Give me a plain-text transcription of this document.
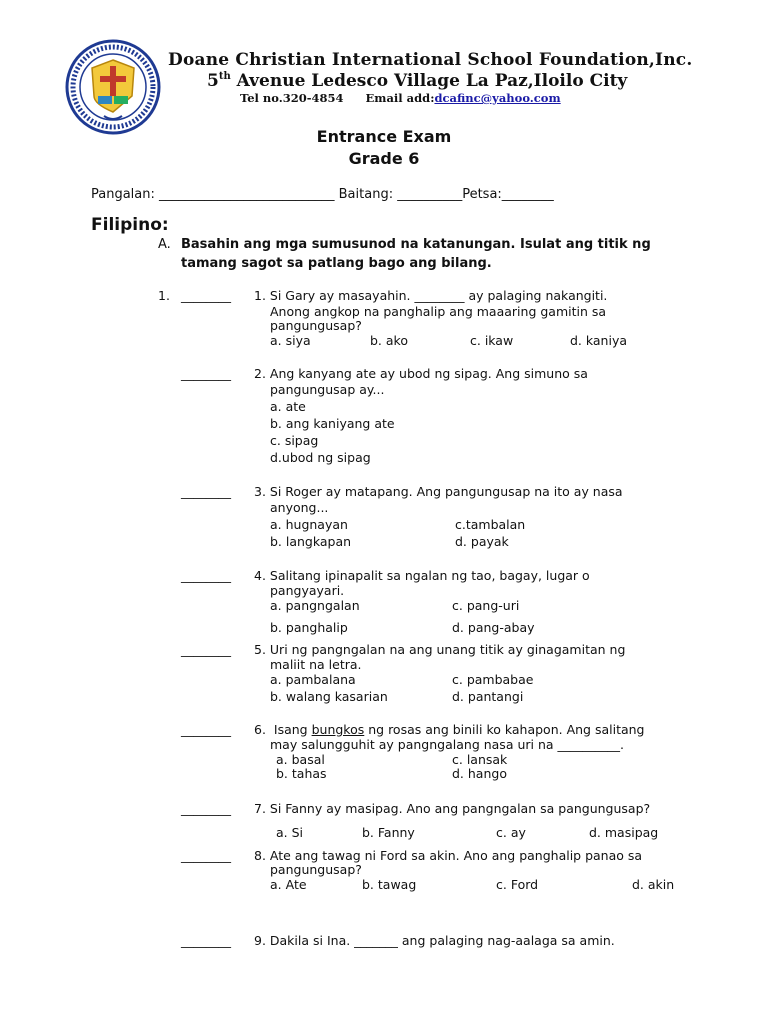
Doane Christian International School Foundation,Inc.
5th Avenue Ledesco Village La Paz,Iloilo City
Tel no.320-4854 Email add:dcafinc@yahoo.com
Entrance Exam
Grade 6
Pangalan: ___________________________ Baitang: __________Petsa:________
Filipino:
A. Basahin ang mga sumusunod na katanungan. Isulat ang titik ng
tamang sagot sa patlang bago ang bilang.
1. ________ 1. Si Gary ay masayahin. ________ ay palaging nakangiti.
Anong angkop na panghalip ang maaaring gamitin sa
pangungusap?
a. siya	b. ako	c. ikaw	d. kaniya
________ 2. Ang kanyang ate ay ubod ng sipag. Ang simuno sa
pangungusap ay...
a. ate
b. ang kaniyang ate
c. sipag
d.ubod ng sipag
________ 3. Si Roger ay matapang. Ang pangungusap na ito ay nasa
anyong...
a. hugnayan	c.tambalan
b. langkapan	d. payak
________ 4. Salitang ipinapalit sa ngalan ng tao, bagay, lugar o
pangyayari.
a. pangngalan	c. pang-uri
b. panghalip	d. pang-abay
________ 5. Uri ng pangngalan na ang unang titik ay ginagamitan ng
maliit na letra.
a. pambalana	c. pambabae
b. walang kasarian	d. pantangi
________ 6. Isang bungkos ng rosas ang binili ko kahapon. Ang salitang
may salungguhit ay pangngalang nasa uri na __________.
a. basal	c. lansak
b. tahas	d. hango
________ 7. Si Fanny ay masipag. Ano ang pangngalan sa pangungusap?
a. Si	b. Fanny	c. ay	d. masipag
________ 8. Ate ang tawag ni Ford sa akin. Ano ang panghalip panao sa
pangungusap?
a. Ate	b. tawag	c. Ford	d. akin
________ 9. Dakila si Ina. _______ ang palaging nag-aalaga sa amin.
